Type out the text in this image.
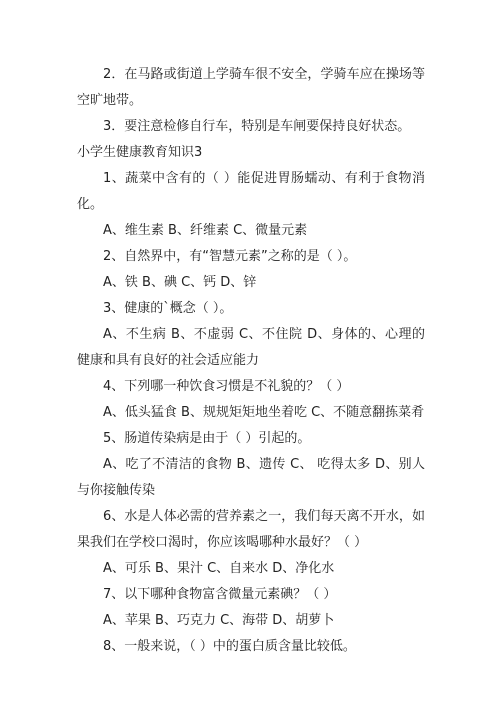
2．在马路或街道上学骑车很不安全，学骑车应在操场等空旷地带。

3．要注意检修自行车，特别是车闸要保持良好状态。

小学生健康教育知识3

1、蔬菜中含有的（ ）能促进胃肠蠕动、有利于食物消化。

A、维生素 B、纤维素 C、微量元素

2、自然界中，有“智慧元素”之称的是（ ）。

A、铁 B、碘 C、钙 D、锌

3、健康的`概念（ ）。

A、不生病 B、不虚弱 C、不住院 D、身体的、心理的健康和具有良好的社会适应能力

4、下列哪一种饮食习惯是不礼貌的？（ ）

A、低头猛食 B、规规矩矩地坐着吃 C、不随意翻拣菜肴

5、肠道传染病是由于（ ）引起的。

A、吃了不清洁的食物 B、遗传 C、 吃得太多 D、别人与你接触传染

6、水是人体必需的营养素之一，我们每天离不开水，如果我们在学校口渴时，你应该喝哪种水最好？（ ）

A、可乐 B、果汁 C、自来水 D、净化水

7、以下哪种食物富含微量元素碘？（ ）

A、苹果 B、巧克力 C、海带 D、胡萝卜

8、一般来说，（ ）中的蛋白质含量比较低。
